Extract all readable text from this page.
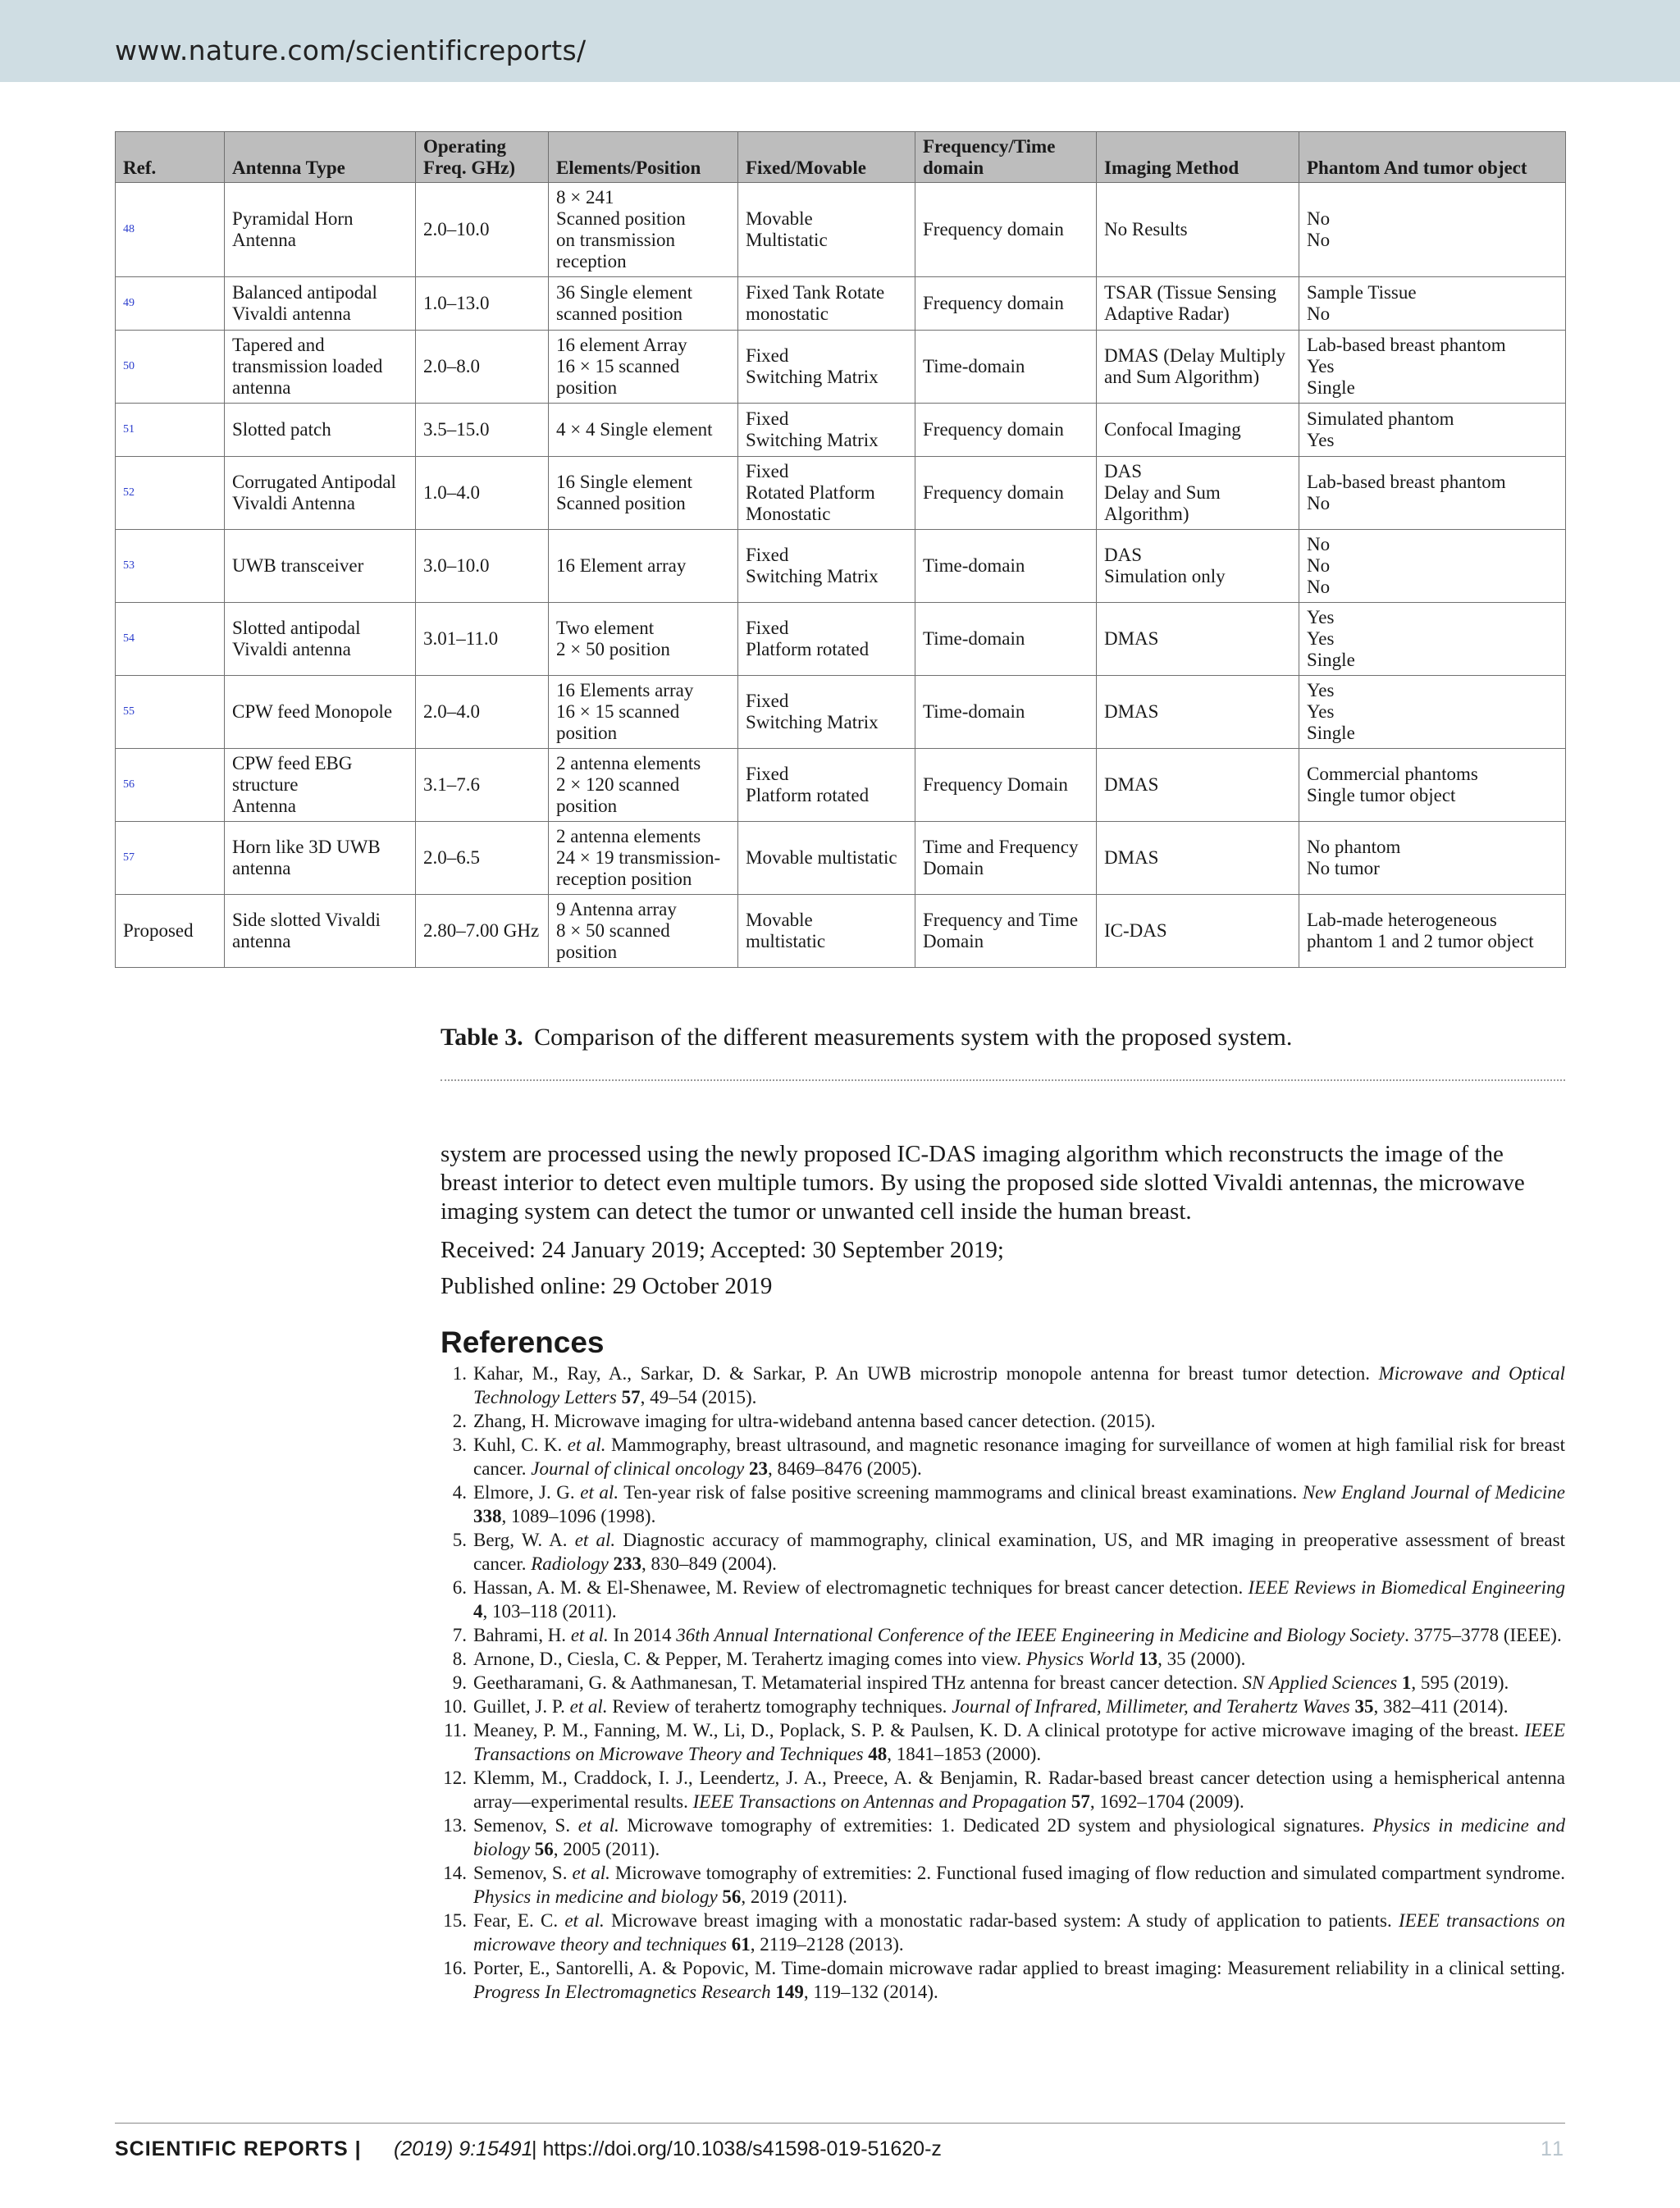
www.nature.com/scientificreports/
Ref.	Antenna Type	Operating
Freq. GHz)	Elements/Position	Fixed/Movable	Frequency/Time
domain	Imaging Method	Phantom And tumor object

48	Pyramidal Horn
Antenna	2.0–10.0	8 × 241
Scanned position
on transmission
reception	Movable
Multistatic	Frequency domain	No Results	No
No

49	Balanced antipodal
Vivaldi antenna	1.0–13.0	36 Single element
scanned position	Fixed Tank Rotate
monostatic	Frequency domain	TSAR (Tissue Sensing
Adaptive Radar)	Sample Tissue
No

50	Tapered and
transmission loaded
antenna	2.0–8.0	16 element Array
16 × 15 scanned
position	Fixed
Switching Matrix	Time-domain	DMAS (Delay Multiply
and Sum Algorithm)	Lab-based breast phantom
Yes
Single

51	Slotted patch	3.5–15.0	4 × 4 Single element	Fixed
Switching Matrix	Frequency domain	Confocal Imaging	Simulated phantom
Yes

52	Corrugated Antipodal
Vivaldi Antenna	1.0–4.0	16 Single element
Scanned position	Fixed
Rotated Platform
Monostatic	Frequency domain	DAS
Delay and Sum
Algorithm)	Lab-based breast phantom
No

53	UWB transceiver	3.0–10.0	16 Element array	Fixed
Switching Matrix	Time-domain	DAS
Simulation only	No
No
No

54	Slotted antipodal
Vivaldi antenna	3.01–11.0	Two element
2 × 50 position	Fixed
Platform rotated	Time-domain	DMAS	Yes
Yes
Single

55	CPW feed Monopole	2.0–4.0	16 Elements array
16 × 15 scanned
position	Fixed
Switching Matrix	Time-domain	DMAS	Yes
Yes
Single

56	CPW feed EBG
structure
Antenna	3.1–7.6	2 antenna elements
2 × 120 scanned
position	Fixed
Platform rotated	Frequency Domain	DMAS	Commercial phantoms
Single tumor object

57	Horn like 3D UWB
antenna	2.0–6.5	2 antenna elements
24 × 19 transmission-
reception position	Movable multistatic	Time and Frequency
Domain	DMAS	No phantom
No tumor

Proposed	Side slotted Vivaldi
antenna	2.80–7.00 GHz	9 Antenna array
8 × 50 scanned
position	Movable
multistatic	Frequency and Time
Domain	IC-DAS	Lab-made heterogeneous
phantom 1 and 2 tumor object
Table 3. Comparison of the different measurements system with the proposed system.

system are processed using the newly proposed IC-DAS imaging algorithm which reconstructs the image of the breast interior to detect even multiple tumors. By using the proposed side slotted Vivaldi antennas, the microwave imaging system can detect the tumor or unwanted cell inside the human breast.

Received: 24 January 2019; Accepted: 30 September 2019;
Published online: 29 October 2019
References
1. Kahar, M., Ray, A., Sarkar, D. & Sarkar, P. An UWB microstrip monopole antenna for breast tumor detection. Microwave and Optical Technology Letters 57, 49–54 (2015).
2. Zhang, H. Microwave imaging for ultra-wideband antenna based cancer detection. (2015).
3. Kuhl, C. K. et al. Mammography, breast ultrasound, and magnetic resonance imaging for surveillance of women at high familial risk for breast cancer. Journal of clinical oncology 23, 8469–8476 (2005).
4. Elmore, J. G. et al. Ten-year risk of false positive screening mammograms and clinical breast examinations. New England Journal of Medicine 338, 1089–1096 (1998).
5. Berg, W. A. et al. Diagnostic accuracy of mammography, clinical examination, US, and MR imaging in preoperative assessment of breast cancer. Radiology 233, 830–849 (2004).
6. Hassan, A. M. & El-Shenawee, M. Review of electromagnetic techniques for breast cancer detection. IEEE Reviews in Biomedical Engineering 4, 103–118 (2011).
7. Bahrami, H. et al. In 2014 36th Annual International Conference of the IEEE Engineering in Medicine and Biology Society. 3775–3778 (IEEE).
8. Arnone, D., Ciesla, C. & Pepper, M. Terahertz imaging comes into view. Physics World 13, 35 (2000).
9. Geetharamani, G. & Aathmanesan, T. Metamaterial inspired THz antenna for breast cancer detection. SN Applied Sciences 1, 595 (2019).
10. Guillet, J. P. et al. Review of terahertz tomography techniques. Journal of Infrared, Millimeter, and Terahertz Waves 35, 382–411 (2014).
11. Meaney, P. M., Fanning, M. W., Li, D., Poplack, S. P. & Paulsen, K. D. A clinical prototype for active microwave imaging of the breast. IEEE Transactions on Microwave Theory and Techniques 48, 1841–1853 (2000).
12. Klemm, M., Craddock, I. J., Leendertz, J. A., Preece, A. & Benjamin, R. Radar-based breast cancer detection using a hemispherical antenna array—experimental results. IEEE Transactions on Antennas and Propagation 57, 1692–1704 (2009).
13. Semenov, S. et al. Microwave tomography of extremities: 1. Dedicated 2D system and physiological signatures. Physics in medicine and biology 56, 2005 (2011).
14. Semenov, S. et al. Microwave tomography of extremities: 2. Functional fused imaging of flow reduction and simulated compartment syndrome. Physics in medicine and biology 56, 2019 (2011).
15. Fear, E. C. et al. Microwave breast imaging with a monostatic radar-based system: A study of application to patients. IEEE transactions on microwave theory and techniques 61, 2119–2128 (2013).
16. Porter, E., Santorelli, A. & Popovic, M. Time-domain microwave radar applied to breast imaging: Measurement reliability in a clinical setting. Progress In Electromagnetics Research 149, 119–132 (2014).
SCIENTIFIC REPORTS | (2019) 9:15491
| https://doi.org/10.1038/s41598-019-51620-z	11
